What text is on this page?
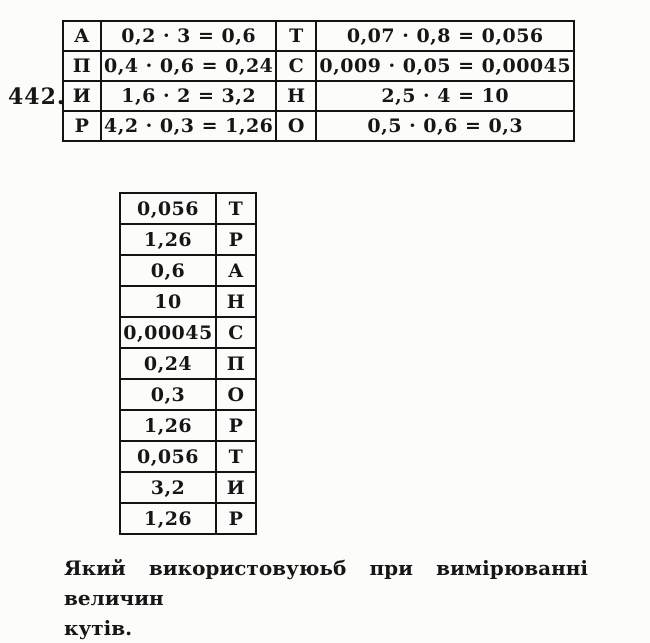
442.
А	0,2 · 3 = 0,6	Т	0,07 · 0,8 = 0,056
П	0,4 · 0,6 = 0,24	С	0,009 · 0,05 = 0,00045
И	1,6 · 2 = 3,2	Н	2,5 · 4 = 10
Р	4,2 · 0,3 = 1,26	О	0,5 · 0,6 = 0,3
0,056	Т
1,26	Р
0,6	А
10	Н
0,00045	С
0,24	П
0,3	О
1,26	Р
0,056	Т
3,2	И
1,26	Р
Який використовуюьб при вимірюванні величин
кутів.
